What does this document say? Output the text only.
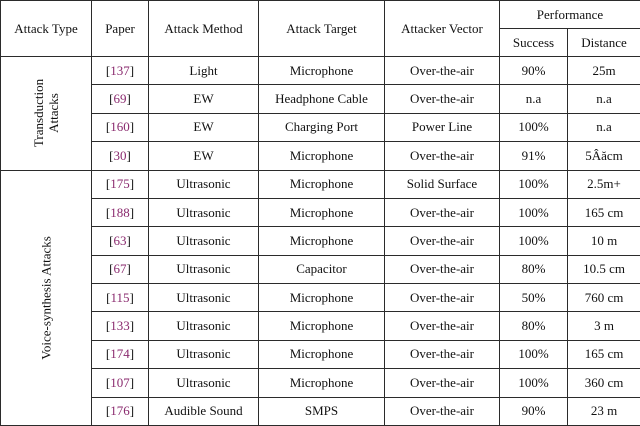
Attack Type	Paper	Attack Method	Attack Target	Attacker Vector	Performance	
					Success	Distance

Transduction Attacks	[137]	Light	Microphone	Over-the-air	90%	25m
	[69]	EW	Headphone Cable	Over-the-air	n.a	n.a
	[160]	EW	Charging Port	Power Line	100%	n.a
	[30]	EW	Microphone	Over-the-air	91%	5Âăcm

Voice-synthesis Attacks	[175]	Ultrasonic	Microphone	Solid Surface	100%	2.5m+
	[188]	Ultrasonic	Microphone	Over-the-air	100%	165 cm
	[63]	Ultrasonic	Microphone	Over-the-air	100%	10 m
	[67]	Ultrasonic	Capacitor	Over-the-air	80%	10.5 cm
	[115]	Ultrasonic	Microphone	Over-the-air	50%	760 cm
	[133]	Ultrasonic	Microphone	Over-the-air	80%	3 m
	[174]	Ultrasonic	Microphone	Over-the-air	100%	165 cm
	[107]	Ultrasonic	Microphone	Over-the-air	100%	360 cm
	[176]	Audible Sound	SMPS	Over-the-air	90%	23 m
